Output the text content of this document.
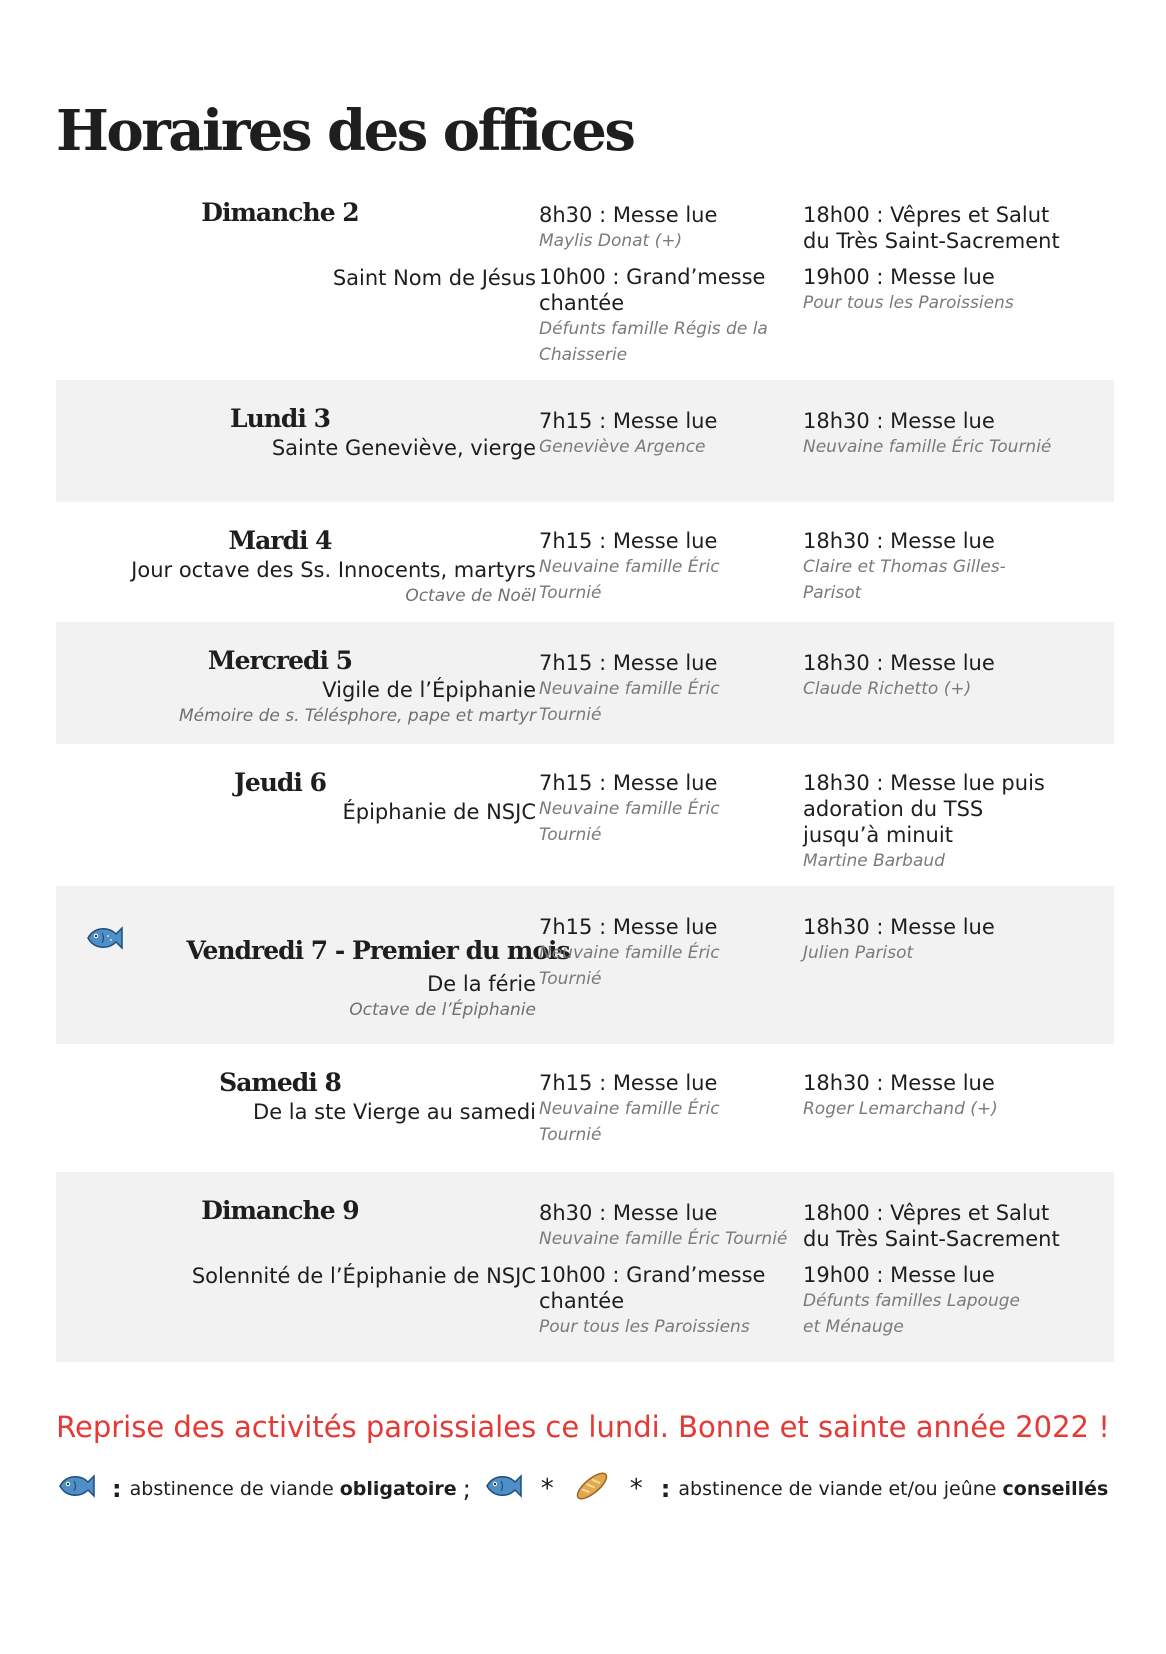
Horaires des offices
Dimanche 2
Saint Nom de Jésus
8h30 : Messe lue
Maylis Donat (+)
10h00 : Grand’messe chantée
Défunts famille Régis de la Chaisserie
18h00 : Vêpres et Salut du Très Saint-Sacrement
19h00 : Messe lue
Pour tous les Paroissiens
Lundi 3
Sainte Geneviève, vierge
7h15 : Messe lue
Geneviève Argence
18h30 : Messe lue
Neuvaine famille Éric Tournié
Mardi 4
Jour octave des Ss. Innocents, martyrs
Octave de Noël
7h15 : Messe lue
Neuvaine famille Éric Tournié
18h30 : Messe lue
Claire et Thomas Gilles-Parisot
Mercredi 5
Vigile de l’Épiphanie
Mémoire de s. Télésphore, pape et martyr
7h15 : Messe lue
Neuvaine famille Éric Tournié
18h30 : Messe lue
Claude Richetto (+)
Jeudi 6
Épiphanie de NSJC
7h15 : Messe lue
Neuvaine famille Éric Tournié
18h30 : Messe lue puis adoration du TSS jusqu’à minuit
Martine Barbaud
Vendredi 7 - Premier du mois
De la férie
Octave de l’Épiphanie
7h15 : Messe lue
Neuvaine famille Éric Tournié
18h30 : Messe lue
Julien Parisot
Samedi 8
De la ste Vierge au samedi
7h15 : Messe lue
Neuvaine famille Éric Tournié
18h30 : Messe lue
Roger Lemarchand (+)
Dimanche 9
Solennité de l’Épiphanie de NSJC
8h30 : Messe lue
Neuvaine famille Éric Tournié
10h00 : Grand’messe chantée
Pour tous les Paroissiens
18h00 : Vêpres et Salut du Très Saint-Sacrement
19h00 : Messe lue
Défunts familles Lapouge et Ménauge
Reprise des activités paroissiales ce lundi. Bonne et sainte année 2022 !
: abstinence de viande obligatoire ;	*	* : abstinence de viande et/ou jeûne conseillés
